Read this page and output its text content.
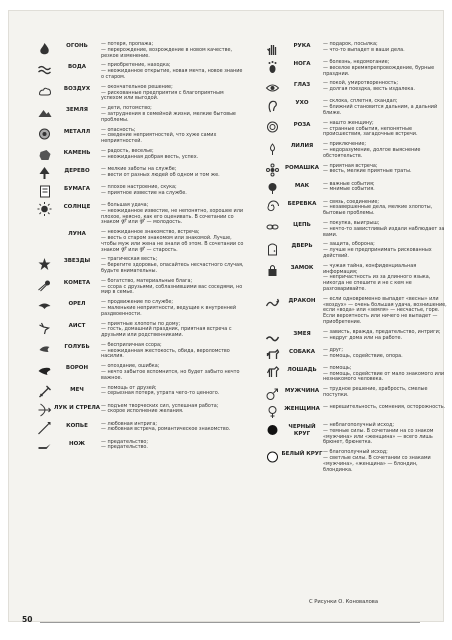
ОГОНЬ	— потеря, пропажа;
— перерождение, возрождение в новом качестве, резкое изменение.
ВОДА	— приобретение, находка;
— неожиданное открытие, новая мечта, новое знание о старом.
ВОЗДУХ	— окончательное решение;
— рискованные предприятия с благоприятным успехом или выгодой.
ЗЕМЛЯ	— дети, потомство;
— затруднения в семейной жизни, мелкие бытовые проблемы.
МЕТАЛЛ	— опасность;
— сведение неприятностей, что хуже самих неприятностей.
КАМЕНЬ	— радость, веселье;
— неожиданная добрая весть, успех.
ДЕРЕВО	— мелкие заботы на службе;
— вести от разных людей об одном и том же.
БУМАГА	— плохое настроение, скука;
— приятное известие на службе.
СОЛНЦЕ	— большая удача;
— неожиданное известие, не непонятно, хорошее или плохое, неясно, как его оценивать. В сочетании со знаком ⚤ или ⚤ — молодость.
ЛУНА	— неожиданное знакомство, встреча;
— весть о старом знакомом или знакомой. Лучше, чтобы муж или жена не знали об этом. В сочетании со знаком ⚤ или ⚤ — старость.
ЗВЕЗДЫ	— трагическая весть;
— берегите здоровье, опасайтесь несчастного случая, будьте внимательны.
КОМЕТА	— богатство, материальные блага;
— ссора с друзьями, соблазнившими вас соседями, но мир в семье.
ОРЕЛ	— продвижение по службе;
— маленькие неприятности, ведущие к внутренней раздвоенности.
АИСТ	— приятные хлопоты по дому;
— гость, домашний праздник, приятная встреча с друзьями или родственниками.
ГОЛУБЬ	— бесприличная ссора;
— неожиданная жестокость, обида, вероломство насилия.
ВОРОН	— опоздание, ошибка;
— нечто забытое вспомнится, но будет забыто нечто важное.
МЕЧ	— помощь от друзей;
— серьезная потеря, утрата чего-то ценного.
ЛУК И СТРЕЛА — подъем творческих сил, успешная работа;
— скорое исполнение желания.
КОПЬЕ	— любовная интрига;
— любовная встреча, романтическое знакомство.
НОЖ	— предательство;
— предательство.
РУКА	— подарок, посылка;
— что-то выпадет в ваши дела.
НОГА	— болезнь, недомогание;
— веселое времяпрепровождение, бурные празднии.
ГЛАЗ	— покой, умиротворенность;
— долгая поездка, весть издалека.
УХО	— склока, сплетня, скандал;
— ближний становится дальним, а дальний ближе.
РОЗА	— нашто женщину;
— странные события, непонятные происшествия, загадочные встречи.
ЛИЛИЯ	— приключение;
— недоразумение, долгое выяснение обстоятельств.
РОМАШКА — приятная встреча;
— весть, мелкие приятные траты.
МАК	— важные события;
— мнимые события.
БЕРЕВКА	— связь, соединение;
— незавершенные дела, мелкие хлопоты, бытовые проблемы.
ЦЕПЬ	— покупка, выигрыш;
— нечто-то завистливый издали наблюдает за вами.
ДВЕРЬ	— защита, оборона;
— лучше не предпринимать рискованных действий.
ЗАМОК	— чужая тайна, конфиденциальная информация;
— непричастность из за длинного языка, никогда не спешите и не с кем не разговаривайте.
ДРАКОН	— если одновременно выпадет «весны» или «воздух» — очень большая удача, вознишение, если «вода» или «земля» — несчастье, горе. Если вероятность или ничего не выпадет — приобретение.
ЗМЕЯ	— зависть, вражда, предательство, интриги;
— недруг дома или на работе.
СОБАКА	— друг;
— помощь, содействие, опора.
ЛОШАДЬ	— помощь;
— помощь, содействие от мало знакомого или незнакомого человека.
МУЖЧИНА — трудное решение, храбрость, смелые поступки.
ЖЕНЩИНА — нерешительность, сомнения, осторожность.
ЧЕРНЫЙ КРУГ
— неблагополучный исход;
— темные силы. В сочетании на со знаком «мужчина» или «женщина» — всего лишь брюнет, брюнетка.
БЕЛЫЙ КРУГ — благополучный исход;
— светлые силы. В сочетании со знаками «мужчина», «женщина» — блондин, блондинка.
С Рисунки О. Коновалова
50
